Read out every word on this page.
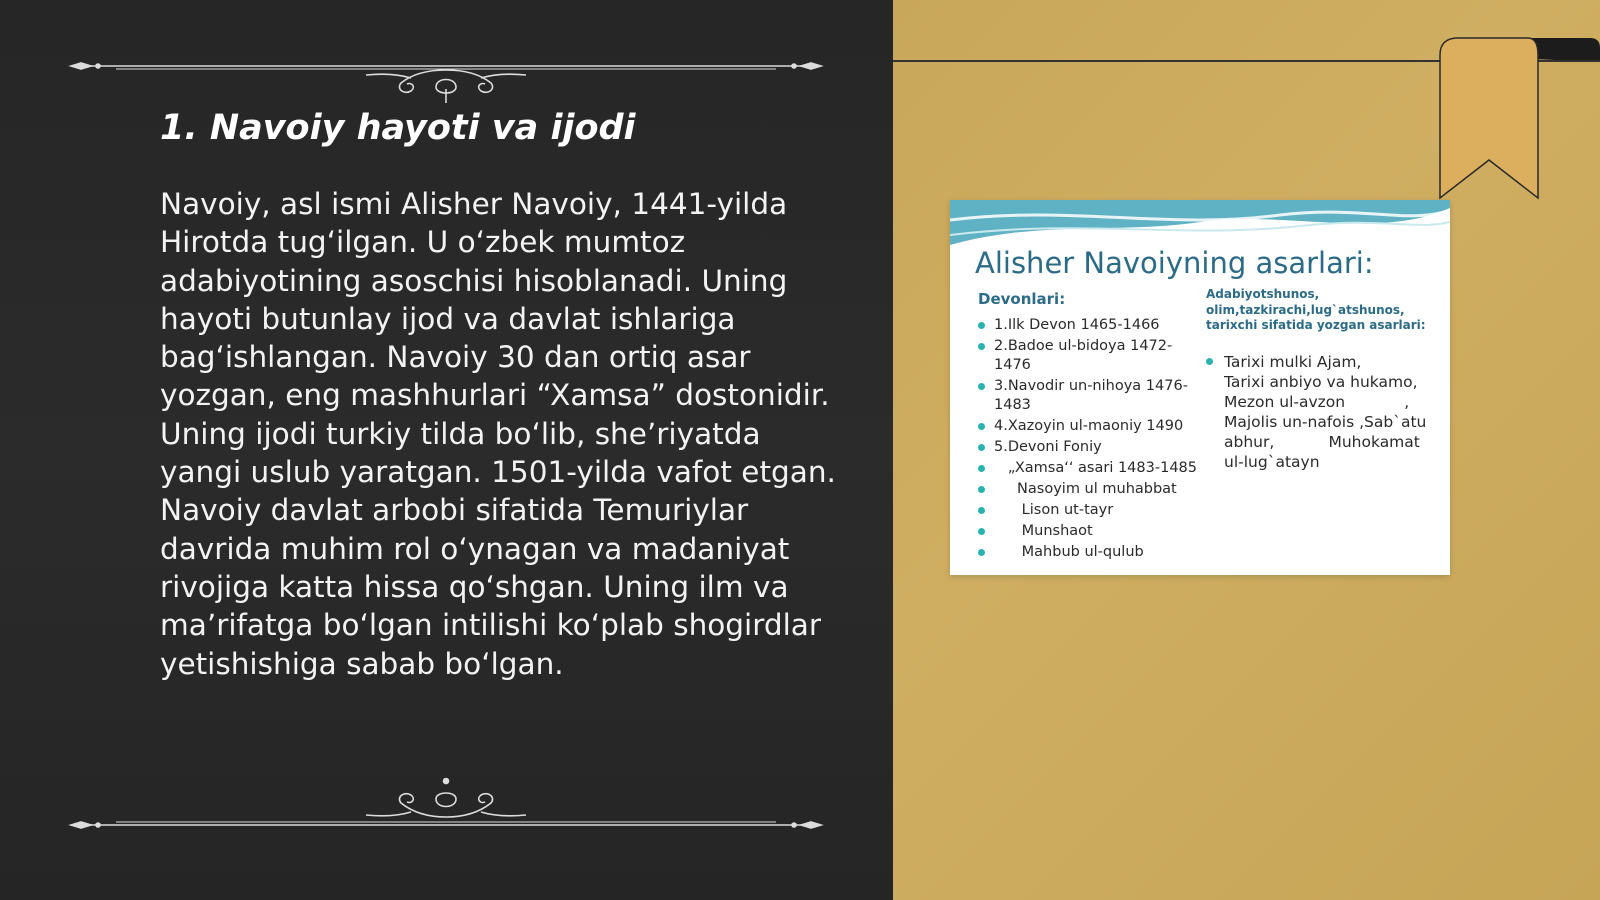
1. Navoiy hayoti va ijodi

Navoiy, asl ismi Alisher Navoiy, 1441-yilda Hirotda tugʻilgan. U oʻzbek mumtoz adabiyotining asoschisi hisoblanadi. Uning hayoti butunlay ijod va davlat ishlariga bagʻishlangan. Navoiy 30 dan ortiq asar yozgan, eng mashhurlari “Xamsa” dostonidir. Uning ijodi turkiy tilda boʻlib, sheʼriyatda yangi uslub yaratgan. 1501-yilda vafot etgan. Navoiy davlat arbobi sifatida Temuriylar davrida muhim rol oʻynagan va madaniyat rivojiga katta hissa qoʻshgan. Uning ilm va maʼrifatga boʻlgan intilishi koʻplab shogirdlar yetishishiga sabab boʻlgan.

Alisher Navoiyning asarlari:

Devonlari:

1.Ilk Devon 1465-1466
2.Badoe ul-bidoya 1472-1476
3.Navodir un-nihoya 1476-1483
4.Xazoyin ul-maoniy 1490
5.Devoni Foniy
„Xamsa‘‘ asari 1483-1485
Nasoyim ul muhabbat
Lison ut-tayr
Munshaot
Mahbub ul-qulub

Adabiyotshunos, olim,tazkirachi,lug`atshunos, tarixchi sifatida yozgan asarlari:

Tarixi mulki Ajam,      Tarixi anbiyo va hukamo, Mezon ul-avzon            , Majolis un-nafois ,Sab`atu abhur,           Muhokamat ul-lug`atayn
